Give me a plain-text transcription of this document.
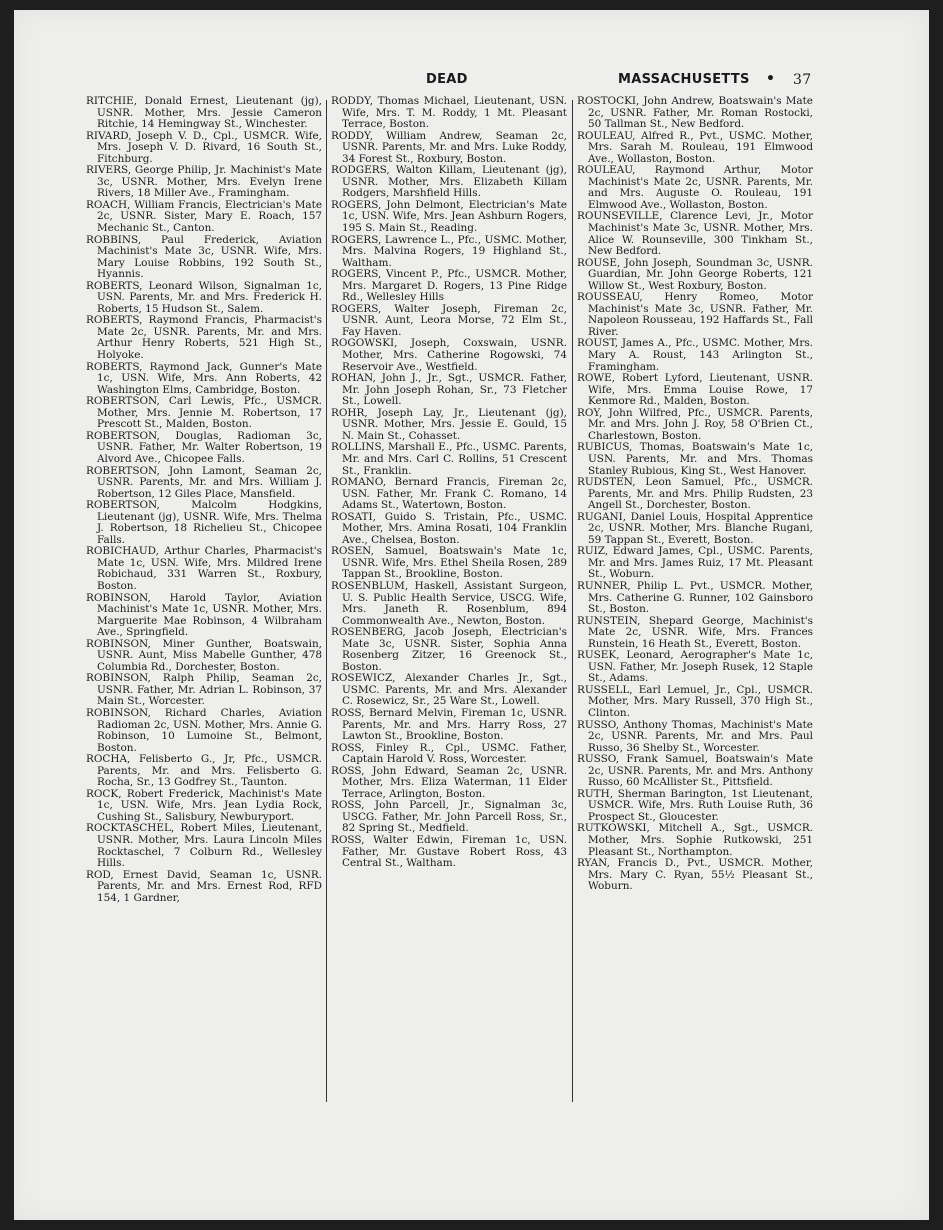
DEAD	MASSACHUSETTS • 37

RITCHIE, Donald Ernest, Lieutenant (jg), USNR. Mother, Mrs. Jessie Cameron Ritchie, 14 Hemingway St., Winchester.

RIVARD, Joseph V. D., Cpl., USMCR. Wife, Mrs. Joseph V. D. Rivard, 16 South St., Fitchburg.

RIVERS, George Philip, Jr. Machinist's Mate 3c, USNR. Mother, Mrs. Evelyn Irene Rivers, 18 Miller Ave., Framingham.

ROACH, William Francis, Electrician's Mate 2c, USNR. Sister, Mary E. Roach, 157 Mechanic St., Canton.

ROBBINS, Paul Frederick, Aviation Machinist's Mate 3c, USNR. Wife, Mrs. Mary Louise Robbins, 192 South St., Hyannis.

ROBERTS, Leonard Wilson, Signalman 1c, USN. Parents, Mr. and Mrs. Frederick H. Roberts, 15 Hudson St., Salem.

ROBERTS, Raymond Francis, Pharmacist's Mate 2c, USNR. Parents, Mr. and Mrs. Arthur Henry Roberts, 521 High St., Holyoke.

ROBERTS, Raymond Jack, Gunner's Mate 1c, USN. Wife, Mrs. Ann Roberts, 42 Washington Elms, Cambridge, Boston.

ROBERTSON, Carl Lewis, Pfc., USMCR. Mother, Mrs. Jennie M. Robertson, 17 Prescott St., Malden, Boston.

ROBERTSON, Douglas, Radioman 3c, USNR. Father, Mr. Walter Robertson, 19 Alvord Ave., Chicopee Falls.

ROBERTSON, John Lamont, Seaman 2c, USNR. Parents, Mr. and Mrs. William J. Robertson, 12 Giles Place, Mansfield.

ROBERTSON, Malcolm Hodgkins, Lieutenant (jg), USNR. Wife, Mrs. Thelma J. Robertson, 18 Richelieu St., Chicopee Falls.

ROBICHAUD, Arthur Charles, Pharmacist's Mate 1c, USN. Wife, Mrs. Mildred Irene Robichaud, 331 Warren St., Roxbury, Boston.

ROBINSON, Harold Taylor, Aviation Machinist's Mate 1c, USNR. Mother, Mrs. Marguerite Mae Robinson, 4 Wilbraham Ave., Springfield.

ROBINSON, Miner Gunther, Boatswain, USNR. Aunt, Miss Mabelle Gunther, 478 Columbia Rd., Dorchester, Boston.

ROBINSON, Ralph Philip, Seaman 2c, USNR. Father, Mr. Adrian L. Robinson, 37 Main St., Worcester.

ROBINSON, Richard Charles, Aviation Radioman 2c, USN. Mother, Mrs. Annie G. Robinson, 10 Lumoine St., Belmont, Boston.

ROCHA, Felisberto G., Jr, Pfc., USMCR. Parents, Mr. and Mrs. Felisberto G. Rocha, Sr., 13 Godfrey St., Taunton.

ROCK, Robert Frederick, Machinist's Mate 1c, USN. Wife, Mrs. Jean Lydia Rock, Cushing St., Salisbury, Newburyport.

ROCKTASCHEL, Robert Miles, Lieutenant, USNR. Mother, Mrs. Laura Lincoln Miles Rocktaschel, 7 Colburn Rd., Wellesley Hills.

ROD, Ernest David, Seaman 1c, USNR. Parents, Mr. and Mrs. Ernest Rod, RFD 154, 1 Gardner,

RODDY, Thomas Michael, Lieutenant, USN. Wife, Mrs. T. M. Roddy, 1 Mt. Pleasant Terrace, Boston.

RODDY, William Andrew, Seaman 2c, USNR. Parents, Mr. and Mrs. Luke Roddy, 34 Forest St., Roxbury, Boston.

RODGERS, Walton Killam, Lieutenant (jg), USNR. Mother, Mrs. Elizabeth Killam Rodgers, Marshfield Hills.

ROGERS, John Delmont, Electrician's Mate 1c, USN. Wife, Mrs. Jean Ashburn Rogers, 195 S. Main St., Reading.

ROGERS, Lawrence L., Pfc., USMC. Mother, Mrs. Malvina Rogers, 19 Highland St., Waltham.

ROGERS, Vincent P., Pfc., USMCR. Mother, Mrs. Margaret D. Rogers, 13 Pine Ridge Rd., Wellesley Hills

ROGERS, Walter Joseph, Fireman 2c, USNR. Aunt, Leora Morse, 72 Elm St., Fay Haven.

ROGOWSKI, Joseph, Coxswain, USNR. Mother, Mrs. Catherine Rogowski, 74 Reservoir Ave., Westfield.

ROHAN, John J., Jr., Sgt., USMCR. Father, Mr. John Joseph Rohan, Sr., 73 Fletcher St., Lowell.

ROHR, Joseph Lay, Jr., Lieutenant (jg), USNR. Mother, Mrs. Jessie E. Gould, 15 N. Main St., Cohasset.

ROLLINS, Marshall E., Pfc., USMC. Parents, Mr. and Mrs. Carl C. Rollins, 51 Crescent St., Franklin.

ROMANO, Bernard Francis, Fireman 2c, USN. Father, Mr. Frank C. Romano, 14 Adams St., Watertown, Boston.

ROSATI, Guido S. Tristain, Pfc., USMC. Mother, Mrs. Amina Rosati, 104 Franklin Ave., Chelsea, Boston.

ROSEN, Samuel, Boatswain's Mate 1c, USNR. Wife, Mrs. Ethel Sheila Rosen, 289 Tappan St., Brookline, Boston.

ROSENBLUM, Haskell, Assistant Surgeon, U. S. Public Health Service, USCG. Wife, Mrs. Janeth R. Rosenblum, 894 Commonwealth Ave., Newton, Boston.

ROSENBERG, Jacob Joseph, Electrician's Mate 3c, USNR. Sister, Sophia Anna Rosenberg Zitzer, 16 Greenock St., Boston.

ROSEWICZ, Alexander Charles Jr., Sgt., USMC. Parents, Mr. and Mrs. Alexander C. Rosewicz, Sr., 25 Ware St., Lowell.

ROSS, Bernard Melvin, Fireman 1c, USNR. Parents, Mr. and Mrs. Harry Ross, 27 Lawton St., Brookline, Boston.

ROSS, Finley R., Cpl., USMC. Father, Captain Harold V. Ross, Worcester.

ROSS, John Edward, Seaman 2c, USNR. Mother, Mrs. Eliza Waterman, 11 Elder Terrace, Arlington, Boston.

ROSS, John Parcell, Jr., Signalman 3c, USCG. Father, Mr. John Parcell Ross, Sr., 82 Spring St., Medfield.

ROSS, Walter Edwin, Fireman 1c, USN. Father, Mr. Gustave Robert Ross, 43 Central St., Waltham.

ROSTOCKI, John Andrew, Boatswain's Mate 2c, USNR. Father, Mr. Roman Rostocki, 50 Tallman St., New Bedford.

ROULEAU, Alfred R., Pvt., USMC. Mother, Mrs. Sarah M. Rouleau, 191 Elmwood Ave., Wollaston, Boston.

ROULEAU, Raymond Arthur, Motor Machinist's Mate 2c, USNR. Parents, Mr. and Mrs. Auguste O. Rouleau, 191 Elmwood Ave., Wollaston, Boston.

ROUNSEVILLE, Clarence Levi, Jr., Motor Machinist's Mate 3c, USNR. Mother, Mrs. Alice W. Rounseville, 300 Tinkham St., New Bedford.

ROUSE, John Joseph, Soundman 3c, USNR. Guardian, Mr. John George Roberts, 121 Willow St., West Roxbury, Boston.

ROUSSEAU, Henry Romeo, Motor Machinist's Mate 3c, USNR. Father, Mr. Napoleon Rousseau, 192 Haffards St., Fall River.

ROUST, James A., Pfc., USMC. Mother, Mrs. Mary A. Roust, 143 Arlington St., Framingham.

ROWE, Robert Lyford, Lieutenant, USNR. Wife, Mrs. Emma Louise Rowe, 17 Kenmore Rd., Malden, Boston.

ROY, John Wilfred, Pfc., USMCR. Parents, Mr. and Mrs. John J. Roy, 58 O'Brien Ct., Charlestown, Boston.

RUBICUS, Thomas, Boatswain's Mate 1c, USN. Parents, Mr. and Mrs. Thomas Stanley Rubious, King St., West Hanover.

RUDSTEN, Leon Samuel, Pfc., USMCR. Parents, Mr. and Mrs. Philip Rudsten, 23 Angell St., Dorchester, Boston.

RUGANI, Daniel Louis, Hospital Apprentice 2c, USNR. Mother, Mrs. Blanche Rugani, 59 Tappan St., Everett, Boston.

RUIZ, Edward James, Cpl., USMC. Parents, Mr. and Mrs. James Ruiz, 17 Mt. Pleasant St., Woburn.

RUNNER, Philip L. Pvt., USMCR. Mother, Mrs. Catherine G. Runner, 102 Gainsboro St., Boston.

RUNSTEIN, Shepard George, Machinist's Mate 2c, USNR. Wife, Mrs. Frances Runstein, 16 Heath St., Everett, Boston.

RUSEK, Leonard, Aerographer's Mate 1c, USN. Father, Mr. Joseph Rusek, 12 Staple St., Adams.

RUSSELL, Earl Lemuel, Jr., Cpl., USMCR. Mother, Mrs. Mary Russell, 370 High St., Clinton.

RUSSO, Anthony Thomas, Machinist's Mate 2c, USNR. Parents, Mr. and Mrs. Paul Russo, 36 Shelby St., Worcester.

RUSSO, Frank Samuel, Boatswain's Mate 2c, USNR. Parents, Mr. and Mrs. Anthony Russo, 60 McAllister St., Pittsfield.

RUTH, Sherman Barington, 1st Lieutenant, USMCR. Wife, Mrs. Ruth Louise Ruth, 36 Prospect St., Gloucester.

RUTKOWSKI, Mitchell A., Sgt., USMCR. Mother, Mrs. Sophie Rutkowski, 251 Pleasant St., Northampton.

RYAN, Francis D., Pvt., USMCR. Mother, Mrs. Mary C. Ryan, 55½ Pleasant St., Woburn.
